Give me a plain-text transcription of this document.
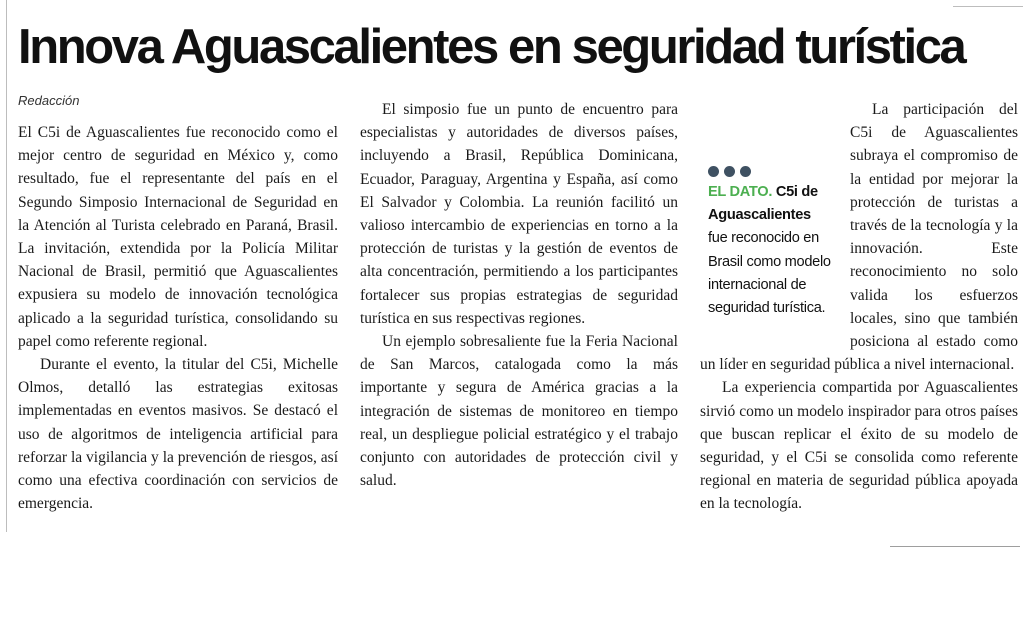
Innova Aguascalientes en seguridad turística
Redacción

El C5i de Aguascalientes fue reconocido como el mejor centro de seguridad en México y, como resultado, fue el representante del país en el Segundo Simposio Internacional de Seguridad en la Atención al Turista celebrado en Paraná, Brasil. La invitación, extendida por la Policía Militar Nacional de Brasil, permitió que Aguascalientes expusiera su modelo de innovación tecnológica aplicado a la seguridad turística, consolidando su papel como referente regional.

Durante el evento, la titular del C5i, Michelle Olmos, detalló las estrategias exitosas implementadas en eventos masivos. Se destacó el uso de algoritmos de inteligencia artificial para reforzar la vigilancia y la prevención de riesgos, así como una efectiva coordinación con servicios de emergencia.

El simposio fue un punto de encuentro para especialistas y autoridades de diversos países, incluyendo a Brasil, República Dominicana, Ecuador, Paraguay, Argentina y España, así como El Salvador y Colombia. La reunión facilitó un valioso intercambio de experiencias en torno a la protección de turistas y la gestión de eventos de alta concentración, permitiendo a los participantes fortalecer sus propias estrategias de seguridad turística en sus respectivas regiones.

Un ejemplo sobresaliente fue la Feria Nacional de San Marcos, catalogada como la más importante y segura de América gracias a la integración de sistemas de monitoreo en tiempo real, un despliegue policial estratégico y el trabajo conjunto con autoridades de protección civil y salud.

La participación del C5i de Aguascalientes subraya el compromiso de la entidad por mejorar la protección de turistas a través de la tecnología y la innovación. Este reconocimiento no solo valida los esfuerzos locales, sino que también posiciona al estado como un líder en seguridad pública a nivel internacional.

La experiencia compartida por Aguascalientes sirvió como un modelo inspirador para otros países que buscan replicar el éxito de su modelo de seguridad, y el C5i se consolida como referente regional en materia de seguridad pública apoyada en la tecnología.

EL DATO. C5i de Aguascalientes fue reconocido en Brasil como modelo internacional de seguridad turística.
